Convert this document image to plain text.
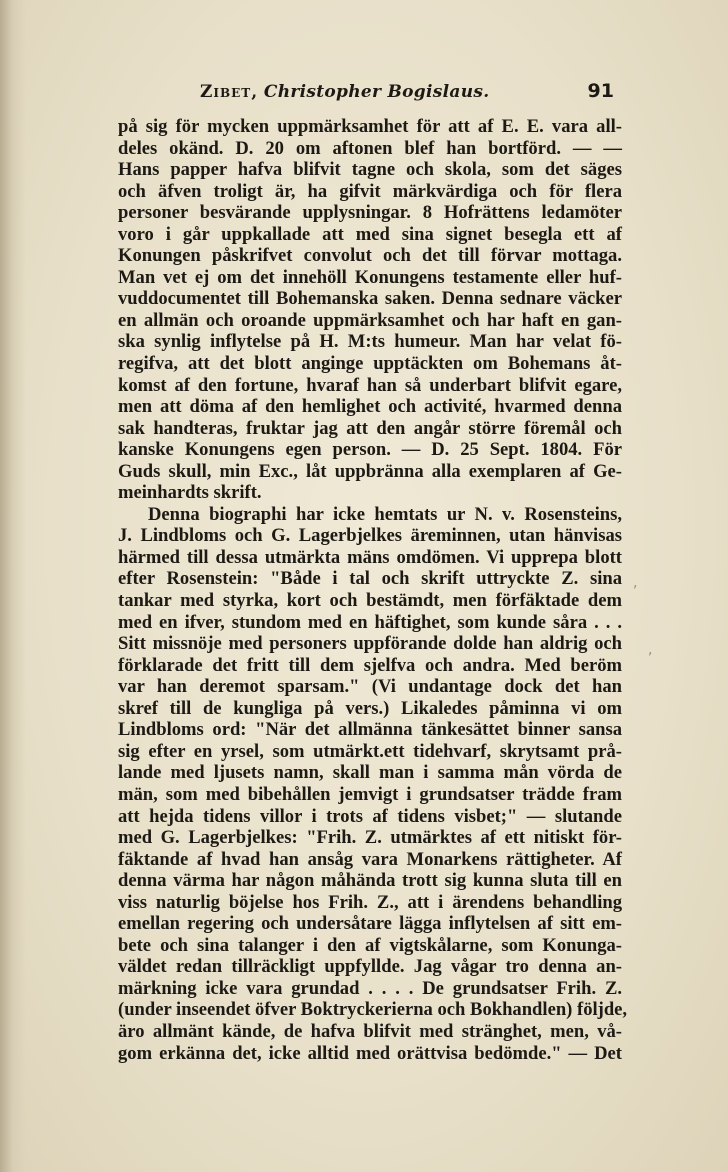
Zibet, Christopher Bogislaus.	91
på sig för mycken uppmärksamhet för att af E. E. vara all-
deles okänd. D. 20 om aftonen blef han bortförd. — —
Hans papper hafva blifvit tagne och skola, som det säges
och äfven troligt är, ha gifvit märkvärdiga och för flera
personer besvärande upplysningar. 8 Hofrättens ledamöter
voro i går uppkallade att med sina signet besegla ett af
Konungen påskrifvet convolut och det till förvar mottaga.
Man vet ej om det innehöll Konungens testamente eller huf-
vuddocumentet till Bohemanska saken. Denna sednare väcker
en allmän och oroande uppmärksamhet och har haft en gan-
ska synlig inflytelse på H. M:ts humeur. Man har velat fö-
regifva, att det blott anginge upptäckten om Bohemans åt-
komst af den fortune, hvaraf han så underbart blifvit egare,
men att döma af den hemlighet och activité, hvarmed denna
sak handteras, fruktar jag att den angår större föremål och
kanske Konungens egen person. — D. 25 Sept. 1804. För
Guds skull, min Exc., låt uppbränna alla exemplaren af Ge-
meinhardts skrift.
Denna biographi har icke hemtats ur N. v. Rosensteins,
J. Lindbloms och G. Lagerbjelkes äreminnen, utan hänvisas
härmed till dessa utmärkta mäns omdömen. Vi upprepa blott
efter Rosenstein: "Både i tal och skrift uttryckte Z. sina
tankar med styrka, kort och bestämdt, men förfäktade dem
med en ifver, stundom med en häftighet, som kunde såra . . .
Sitt missnöje med personers uppförande dolde han aldrig och
förklarade det fritt till dem sjelfva och andra. Med beröm
var han deremot sparsam." (Vi undantage dock det han
skref till de kungliga på vers.) Likaledes påminna vi om
Lindbloms ord: "När det allmänna tänkesättet binner sansa
sig efter en yrsel, som utmärkt.ett tidehvarf, skrytsamt prå-
lande med ljusets namn, skall man i samma mån vörda de
män, som med bibehållen jemvigt i grundsatser trädde fram
att hejda tidens villor i trots af tidens visbet;" — slutande
med G. Lagerbjelkes: "Frih. Z. utmärktes af ett nitiskt för-
fäktande af hvad han ansåg vara Monarkens rättigheter. Af
denna värma har någon måhända trott sig kunna sluta till en
viss naturlig böjelse hos Frih. Z., att i ärendens behandling
emellan regering och undersåtare lägga inflytelsen af sitt em-
bete och sina talanger i den af vigtskålarne, som Konunga-
väldet redan tillräckligt uppfyllde. Jag vågar tro denna an-
märkning icke vara grundad . . . . De grundsatser Frih. Z.
(under inseendet öfver Boktryckerierna och Bokhandlen) följde,
äro allmänt kände, de hafva blifvit med stränghet, men, vå-
gom erkänna det, icke alltid med orättvisa bedömde." — Det
,
,
